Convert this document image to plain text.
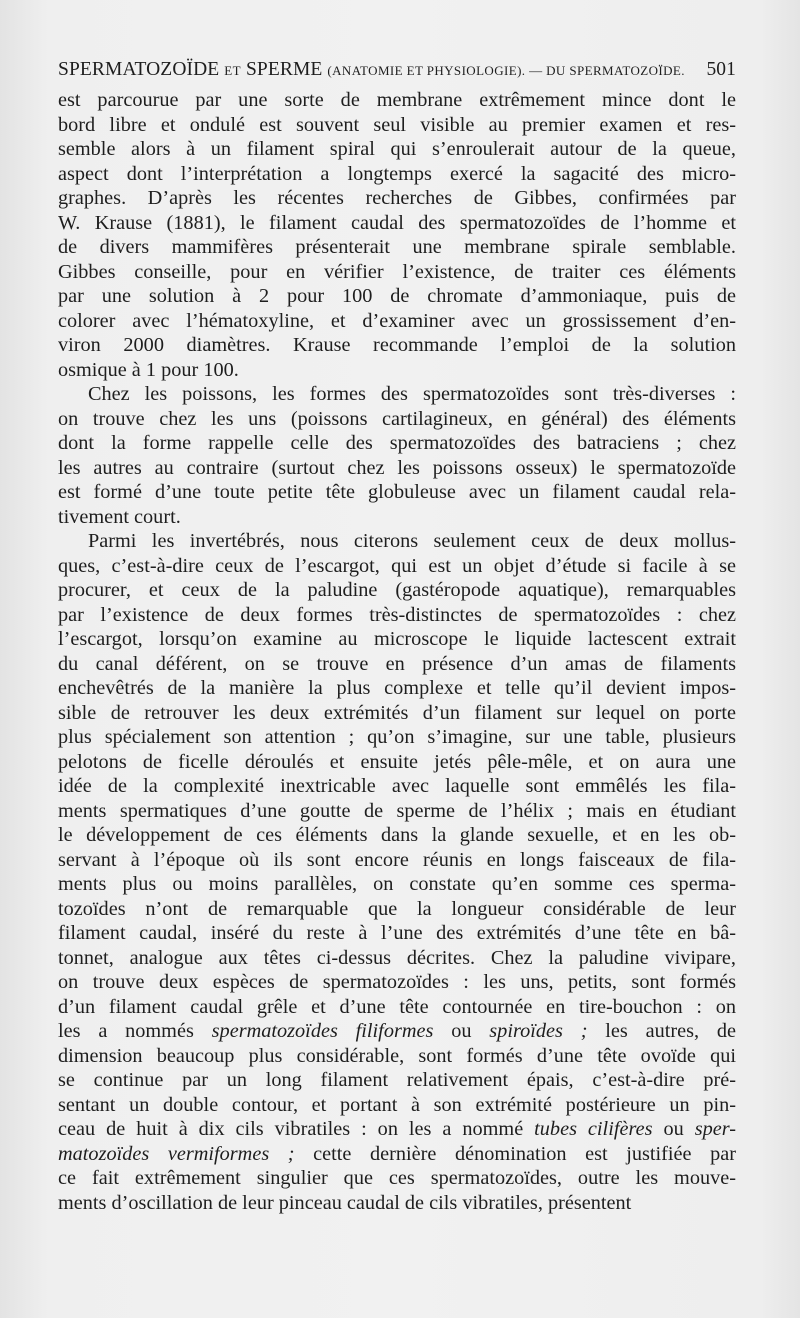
SPERMATOZOÏDE ET SPERME (ANATOMIE ET PHYSIOLOGIE). — DU SPERMATOZOÏDE. 501
est parcourue par une sorte de membrane extrêmement mince dont le
bord libre et ondulé est souvent seul visible au premier examen et res-
semble alors à un filament spiral qui s’enroulerait autour de la queue,
aspect dont l’interprétation a longtemps exercé la sagacité des micro-
graphes. D’après les récentes recherches de Gibbes, confirmées par
W. Krause (1881), le filament caudal des spermatozoïdes de l’homme et
de divers mammifères présenterait une membrane spirale semblable.
Gibbes conseille, pour en vérifier l’existence, de traiter ces éléments
par une solution à 2 pour 100 de chromate d’ammoniaque, puis de
colorer avec l’hématoxyline, et d’examiner avec un grossissement d’en-
viron 2000 diamètres. Krause recommande l’emploi de la solution
osmique à 1 pour 100.
Chez les poissons, les formes des spermatozoïdes sont très-diverses :
on trouve chez les uns (poissons cartilagineux, en général) des éléments
dont la forme rappelle celle des spermatozoïdes des batraciens ; chez
les autres au contraire (surtout chez les poissons osseux) le spermatozoïde
est formé d’une toute petite tête globuleuse avec un filament caudal rela-
tivement court.
Parmi les invertébrés, nous citerons seulement ceux de deux mollus-
ques, c’est-à-dire ceux de l’escargot, qui est un objet d’étude si facile à se
procurer, et ceux de la paludine (gastéropode aquatique), remarquables
par l’existence de deux formes très-distinctes de spermatozoïdes : chez
l’escargot, lorsqu’on examine au microscope le liquide lactescent extrait
du canal déférent, on se trouve en présence d’un amas de filaments
enchevêtrés de la manière la plus complexe et telle qu’il devient impos-
sible de retrouver les deux extrémités d’un filament sur lequel on porte
plus spécialement son attention ; qu’on s’imagine, sur une table, plusieurs
pelotons de ficelle déroulés et ensuite jetés pêle-mêle, et on aura une
idée de la complexité inextricable avec laquelle sont emmêlés les fila-
ments spermatiques d’une goutte de sperme de l’hélix ; mais en étudiant
le développement de ces éléments dans la glande sexuelle, et en les ob-
servant à l’époque où ils sont encore réunis en longs faisceaux de fila-
ments plus ou moins parallèles, on constate qu’en somme ces sperma-
tozoïdes n’ont de remarquable que la longueur considérable de leur
filament caudal, inséré du reste à l’une des extrémités d’une tête en bâ-
tonnet, analogue aux têtes ci-dessus décrites. Chez la paludine vivipare,
on trouve deux espèces de spermatozoïdes : les uns, petits, sont formés
d’un filament caudal grêle et d’une tête contournée en tire-bouchon : on
les a nommés spermatozoïdes filiformes ou spiroïdes ; les autres, de
dimension beaucoup plus considérable, sont formés d’une tête ovoïde qui
se continue par un long filament relativement épais, c’est-à-dire pré-
sentant un double contour, et portant à son extrémité postérieure un pin-
ceau de huit à dix cils vibratiles : on les a nommé tubes cilifères ou sper-
matozoïdes vermiformes ; cette dernière dénomination est justifiée par
ce fait extrêmement singulier que ces spermatozoïdes, outre les mouve-
ments d’oscillation de leur pinceau caudal de cils vibratiles, présentent
